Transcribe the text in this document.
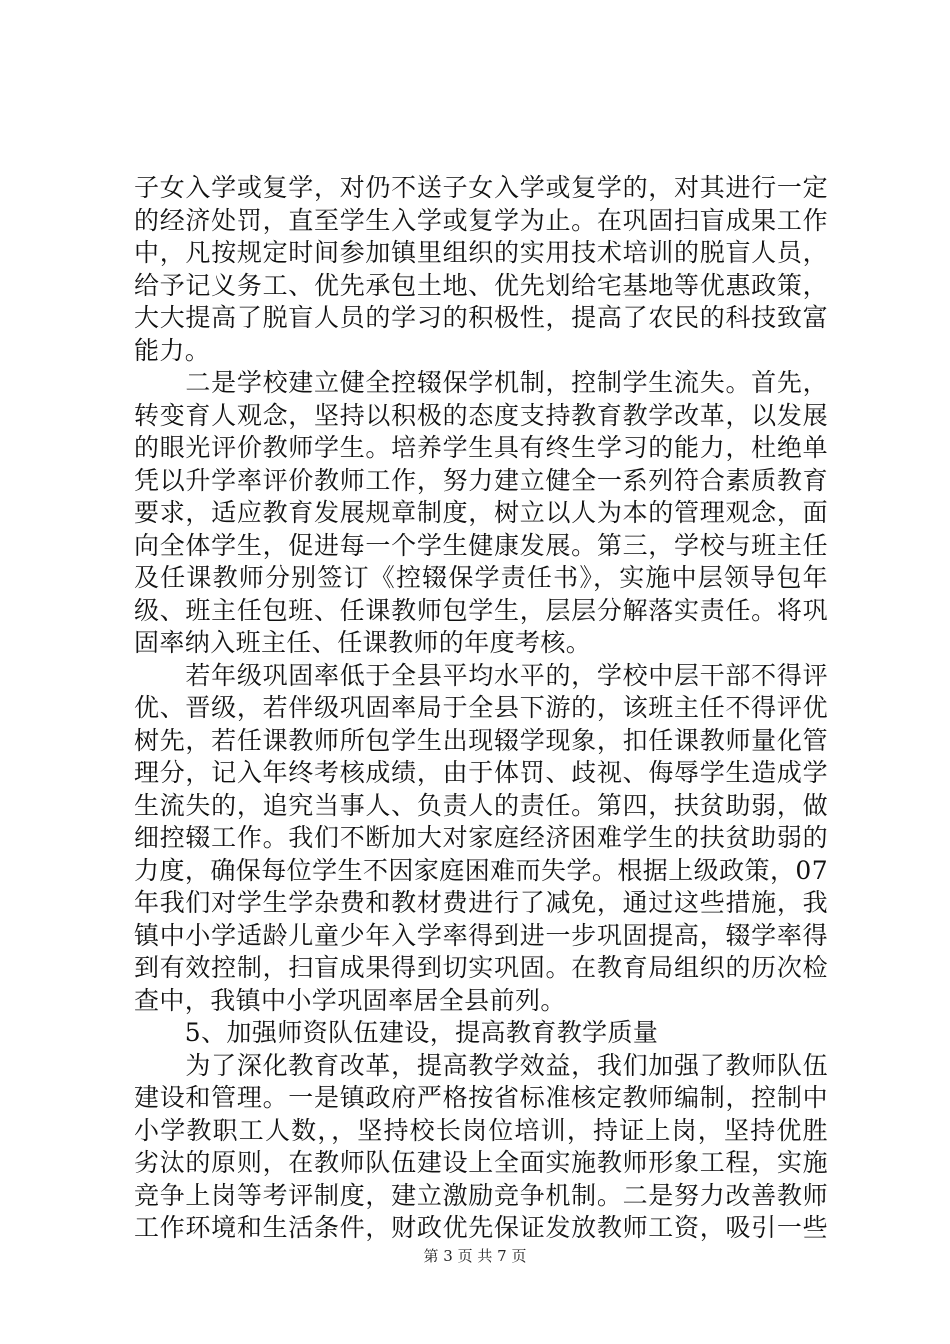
子女入学或复学，对仍不送子女入学或复学的，对其进行一定
的经济处罚，直至学生入学或复学为止。在巩固扫盲成果工作
中，凡按规定时间参加镇里组织的实用技术培训的脱盲人员，
给予记义务工、优先承包土地、优先划给宅基地等优惠政策，
大大提高了脱盲人员的学习的积极性，提高了农民的科技致富
能力。
　　二是学校建立健全控辍保学机制，控制学生流失。首先，
转变育人观念，坚持以积极的态度支持教育教学改革，以发展
的眼光评价教师学生。培养学生具有终生学习的能力，杜绝单
凭以升学率评价教师工作，努力建立健全一系列符合素质教育
要求，适应教育发展规章制度，树立以人为本的管理观念，面
向全体学生，促进每一个学生健康发展。第三，学校与班主任
及任课教师分别签订《控辍保学责任书》，实施中层领导包年
级、班主任包班、任课教师包学生，层层分解落实责任。将巩
固率纳入班主任、任课教师的年度考核。
　　若年级巩固率低于全县平均水平的，学校中层干部不得评
优、晋级，若伴级巩固率局于全县下游的，该班主任不得评优
树先，若任课教师所包学生出现辍学现象，扣任课教师量化管
理分，记入年终考核成绩，由于体罚、歧视、侮辱学生造成学
生流失的，追究当事人、负责人的责任。第四，扶贫助弱，做
细控辍工作。我们不断加大对家庭经济困难学生的扶贫助弱的
力度，确保每位学生不因家庭困难而失学。根据上级政策，07
年我们对学生学杂费和教材费进行了减免，通过这些措施，我
镇中小学适龄儿童少年入学率得到进一步巩固提高，辍学率得
到有效控制，扫盲成果得到切实巩固。在教育局组织的历次检
查中，我镇中小学巩固率居全县前列。
　　5、加强师资队伍建设，提高教育教学质量
　　为了深化教育改革，提高教学效益，我们加强了教师队伍
建设和管理。一是镇政府严格按省标准核定教师编制，控制中
小学教职工人数，，坚持校长岗位培训，持证上岗，坚持优胜
劣汰的原则，在教师队伍建设上全面实施教师形象工程，实施
竞争上岗等考评制度，建立激励竞争机制。二是努力改善教师
工作环境和生活条件，财政优先保证发放教师工资，吸引一些
第 3 页 共 7 页
